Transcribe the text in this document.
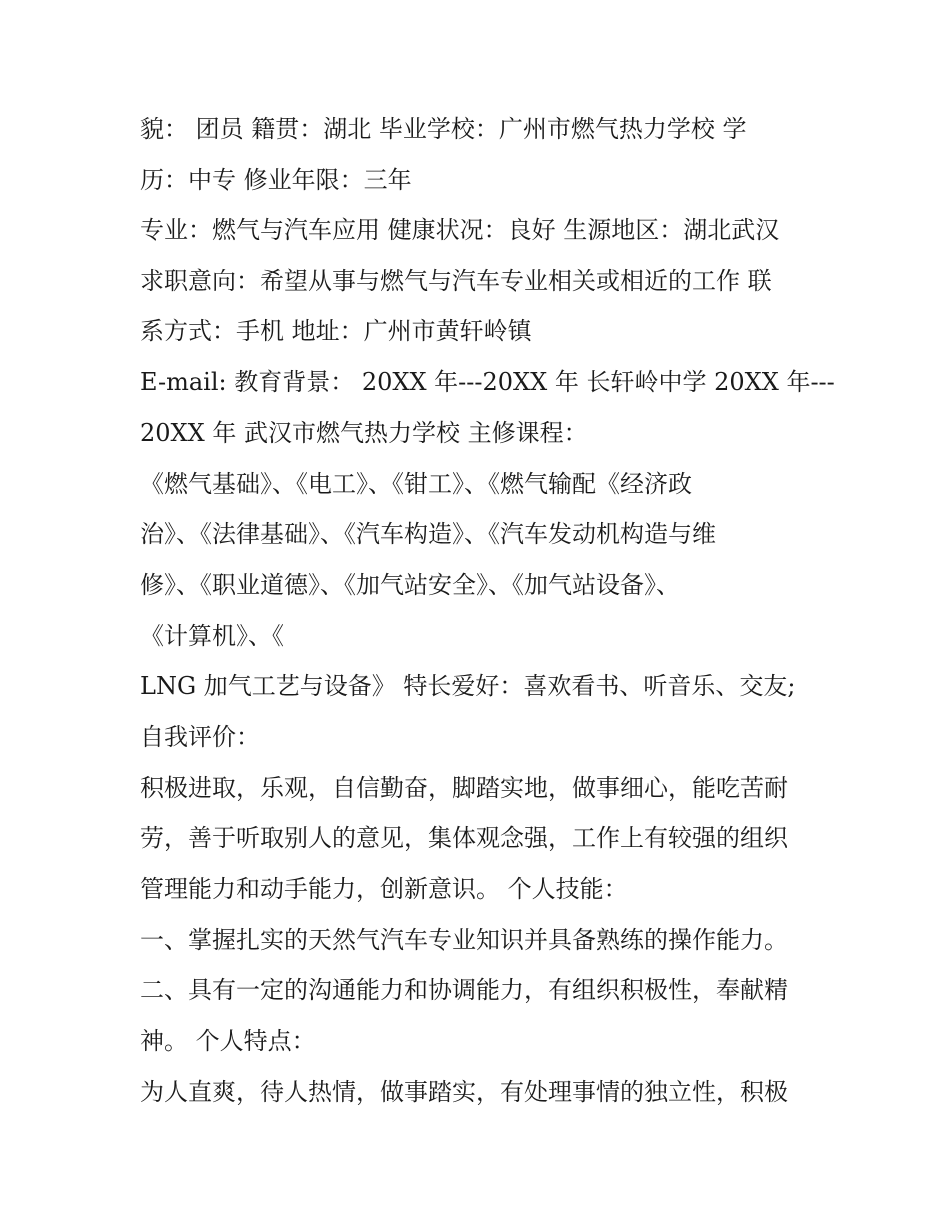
貌： 团员 籍贯：湖北 毕业学校：广州市燃气热力学校 学
历：中专 修业年限：三年
专业：燃气与汽车应用 健康状况：良好 生源地区：湖北武汉
求职意向：希望从事与燃气与汽车专业相关或相近的工作 联
系方式：手机 地址：广州市黄轩岭镇
E-mail: 教育背景： 20XX 年---20XX 年 长轩岭中学 20XX 年---
20XX 年 武汉市燃气热力学校 主修课程：
《燃气基础》、《电工》、《钳工》、《燃气输配《经济政
治》、《法律基础》、《汽车构造》、《汽车发动机构造与维
修》、《职业道德》、《加气站安全》、《加气站设备》、
《计算机》、《
LNG 加气工艺与设备》 特长爱好：喜欢看书、听音乐、交友;
自我评价：
积极进取，乐观，自信勤奋，脚踏实地，做事细心，能吃苦耐
劳，善于听取别人的意见，集体观念强，工作上有较强的组织
管理能力和动手能力，创新意识。 个人技能：
一、掌握扎实的天然气汽车专业知识并具备熟练的操作能力。
二、具有一定的沟通能力和协调能力，有组织积极性，奉献精
神。 个人特点：
为人直爽，待人热情，做事踏实，有处理事情的独立性，积极
